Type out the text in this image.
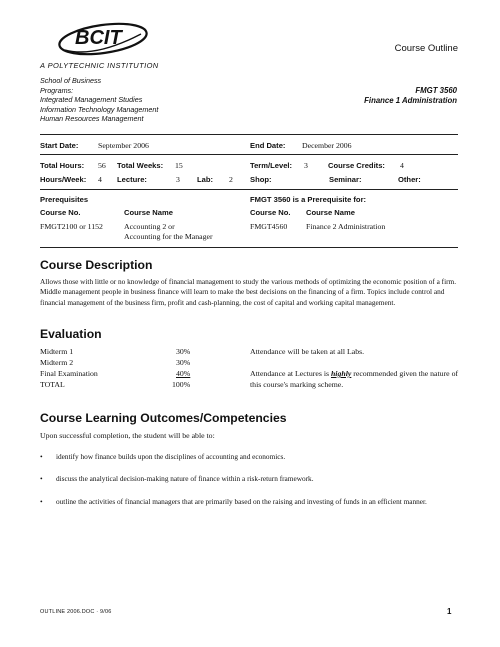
BCIT
A POLYTECHNIC INSTITUTION
Course Outline
School of Business
Programs:
Integrated Management Studies
Information Technology Management
Human Resources Management
FMGT 3560
Finance 1 Administration
Start Date:	September 2006	End Date: December 2006
Total Hours: 56 Total Weeks: 15	Term/Level: 3	Course Credits: 4
Hours/Week: 4 Lecture:	3 Lab: 2 Shop:	Seminar:	Other:
Prerequisites	FMGT 3560 is a Prerequisite for:
Course No.	Course Name	Course No. Course Name
FMGT2100 or 1152	Accounting 2 or
Accounting for the Manager
FMGT4560 Finance 2 Administration
Course Description
Allows those with little or no knowledge of financial management to study the various methods of optimizing the economic position of a firm. Middle management people in business finance will learn to make the best decisions on the financing of a firm. Topics include control and financial management of the business firm, profit and cash-planning, the cost of capital and working capital management.
Evaluation
Midterm 1	30%
Midterm 2	30%
Final Examination	40%
TOTAL	100%
Attendance will be taken at all Labs.
Attendance at Lectures is highly recommended given the nature of this course's marking scheme.
Course Learning Outcomes/Competencies
Upon successful completion, the student will be able to:
• identify how finance builds upon the disciplines of accounting and economics.
• discuss the analytical decision-making nature of finance within a risk-return framework.
• outline the activities of financial managers that are primarily based on the raising and investing of funds in an efficient manner.
OUTLINE 2006.DOC · 9/06	1
